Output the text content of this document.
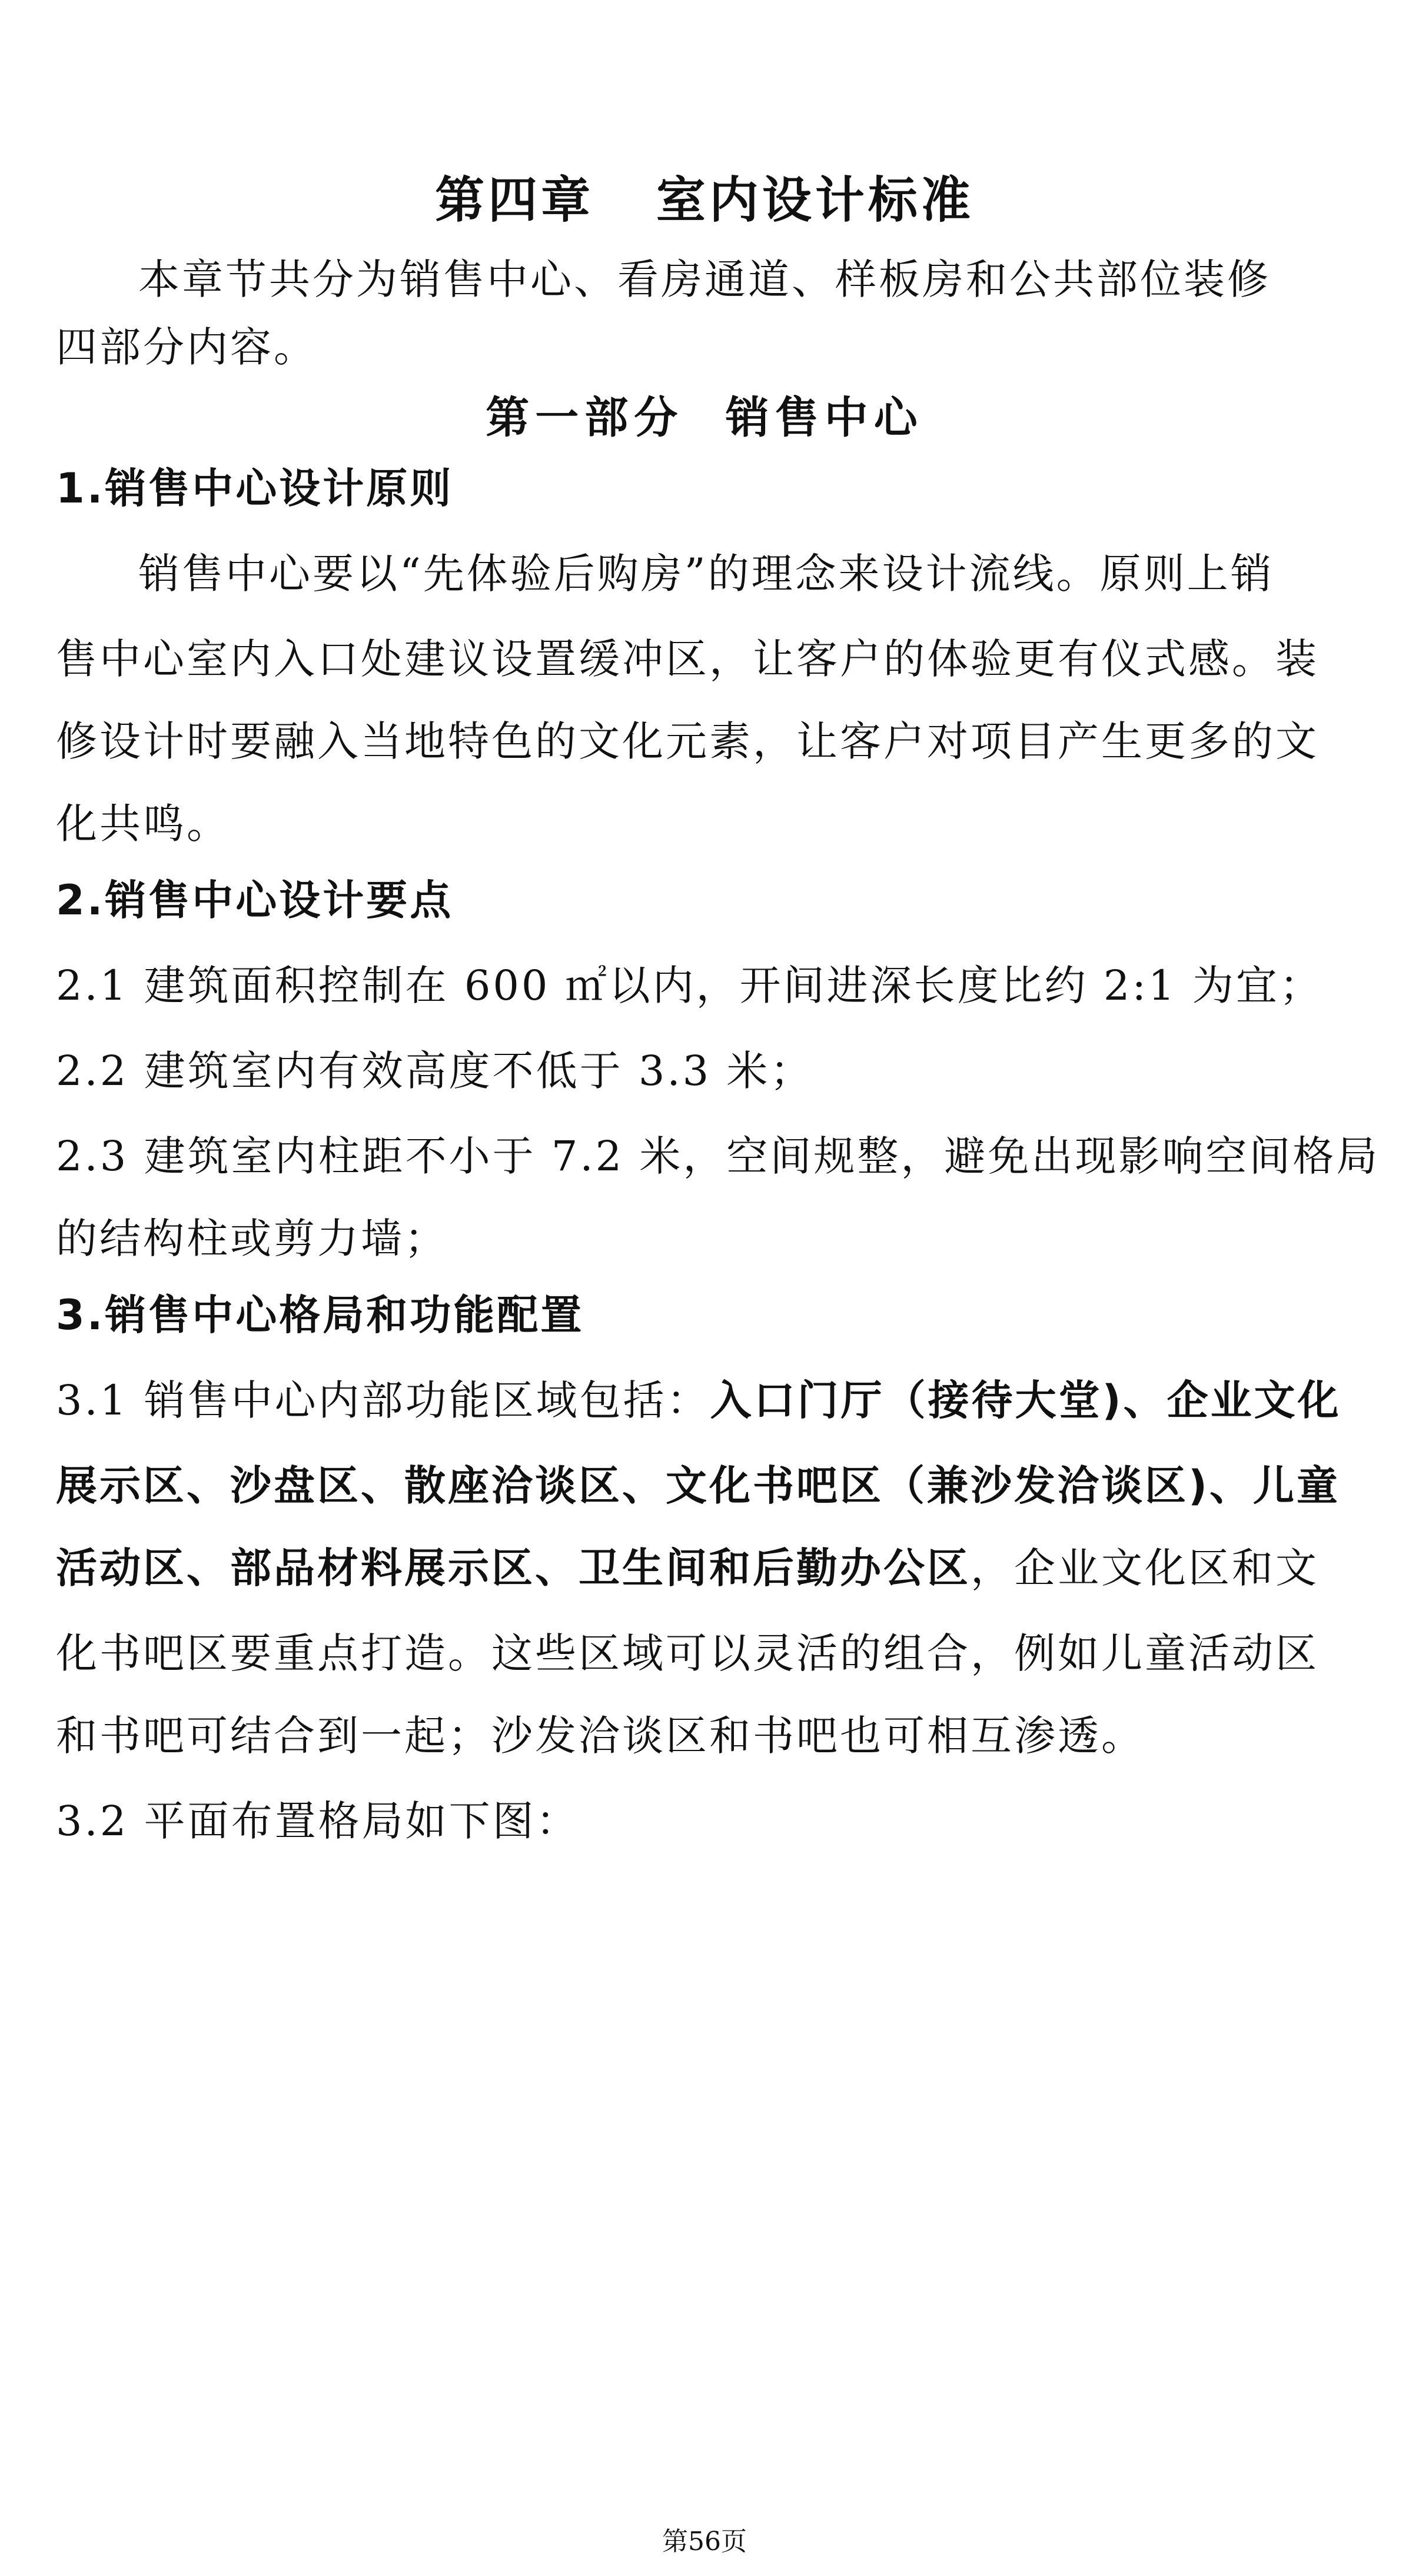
第四章   室内设计标准
本章节共分为销售中心、看房通道、样板房和公共部位装修
四部分内容。
第一部分  销售中心
1.销售中心设计原则
销售中心要以“先体验后购房”的理念来设计流线。原则上销
售中心室内入口处建议设置缓冲区，让客户的体验更有仪式感。装
修设计时要融入当地特色的文化元素，让客户对项目产生更多的文
化共鸣。
2.销售中心设计要点
2.1 建筑面积控制在 600 ㎡以内，开间进深长度比约 2:1 为宜；
2.2 建筑室内有效高度不低于 3.3 米；
2.3 建筑室内柱距不小于 7.2 米，空间规整，避免出现影响空间格局
的结构柱或剪力墙；
3.销售中心格局和功能配置
3.1 销售中心内部功能区域包括：入口门厅（接待大堂)、企业文化
展示区、沙盘区、散座洽谈区、文化书吧区（兼沙发洽谈区)、儿童
活动区、部品材料展示区、卫生间和后勤办公区，企业文化区和文
化书吧区要重点打造。这些区域可以灵活的组合，例如儿童活动区
和书吧可结合到一起；沙发洽谈区和书吧也可相互渗透。
3.2 平面布置格局如下图：
第56页
